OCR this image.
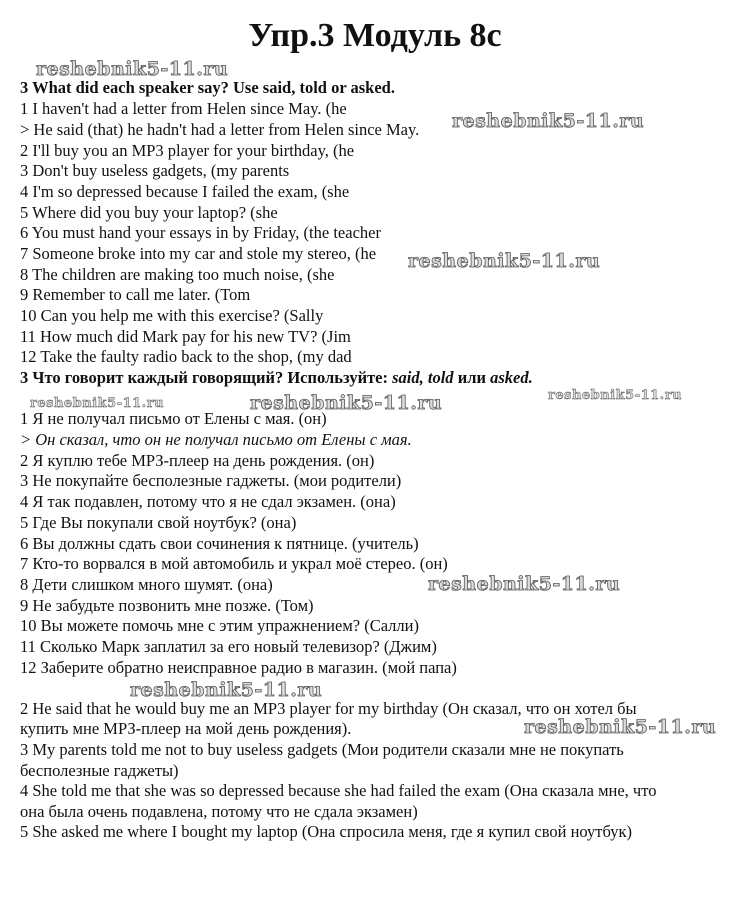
Упр.3 Модуль 8с
3 What did each speaker say? Use said, told or asked.
1 I haven't had a letter from Helen since May. (he
> He said (that) he hadn't had a letter from Helen since May.
2 I'll buy you an MP3 player for your birthday, (he
3 Don't buy useless gadgets, (my parents
4 I'm so depressed because I failed the exam, (she
5 Where did you buy your laptop? (she
6 You must hand your essays in by Friday, (the teacher
7 Someone broke into my car and stole my stereo, (he
8 The children are making too much noise, (she
9 Remember to call me later. (Tom
10 Can you help me with this exercise? (Sally
11 How much did Mark pay for his new TV? (Jim
12 Take the faulty radio back to the shop, (my dad
3 Что говорит каждый говорящий? Используйте: said, told или asked.
1 Я не получал письмо от Елены с мая. (он)
> Он сказал, что он не получал письмо от Елены с мая.
2 Я куплю тебе МРЗ-плеер на день рождения. (он)
3 Не покупайте бесполезные гаджеты. (мои родители)
4 Я так подавлен, потому что я не сдал экзамен. (она)
5 Где Вы покупали свой ноутбук? (она)
6 Вы должны сдать свои сочинения к пятнице. (учитель)
7 Кто-то ворвался в мой автомобиль и украл моё стерео. (он)
8 Дети слишком много шумят. (она)
9 Не забудьте позвонить мне позже. (Том)
10 Вы можете помочь мне с этим упражнением? (Салли)
11 Сколько Марк заплатил за его новый телевизор? (Джим)
12 Заберите обратно неисправное радио в магазин. (мой папа)
2 He said that he would buy me an MP3 player for my birthday (Он сказал, что он хотел бы
купить мне МРЗ-плеер на мой день рождения).
3 My parents told me not to buy useless gadgets (Мои родители сказали мне не покупать
бесполезные гаджеты)
4 She told me that she was so depressed because she had failed the exam (Она сказала мне, что
она была очень подавлена, потому что не сдала экзамен)
5 She asked me where I bought my laptop (Она спросила меня, где я купил свой ноутбук)
reshebnik5-11.ru
reshebnik5-11.ru
reshebnik5-11.ru
reshebnik5-11.ru
reshebnik5-11.ru
reshebnik5-11.ru
reshebnik5-11.ru
reshebnik5-11.ru
reshebnik5-11.ru
